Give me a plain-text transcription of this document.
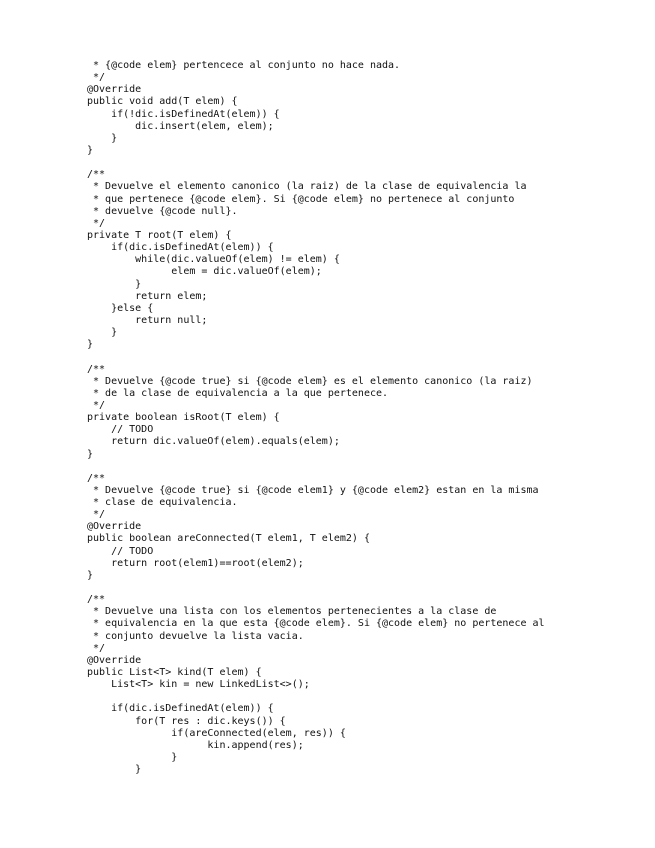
* {@code elem} pertencece al conjunto no hace nada.
*/
@Override
public void add(T elem) {
if(!dic.isDefinedAt(elem)) {
dic.insert(elem, elem);
}
}
/**
* Devuelve el elemento canonico (la raiz) de la clase de equivalencia la
* que pertenece {@code elem}. Si {@code elem} no pertenece al conjunto
* devuelve {@code null}.
*/
private T root(T elem) {
if(dic.isDefinedAt(elem)) {
while(dic.valueOf(elem) != elem) {
elem = dic.valueOf(elem);
}
return elem;
}else {
return null;
}
}
/**
* Devuelve {@code true} si {@code elem} es el elemento canonico (la raiz)
* de la clase de equivalencia a la que pertenece.
*/
private boolean isRoot(T elem) {
// TODO
return dic.valueOf(elem).equals(elem);
}
/**
* Devuelve {@code true} si {@code elem1} y {@code elem2} estan en la misma
* clase de equivalencia.
*/
@Override
public boolean areConnected(T elem1, T elem2) {
// TODO
return root(elem1)==root(elem2);
}
/**
* Devuelve una lista con los elementos pertenecientes a la clase de
* equivalencia en la que esta {@code elem}. Si {@code elem} no pertenece al
* conjunto devuelve la lista vacia.
*/
@Override
public List<T> kind(T elem) {
List<T> kin = new LinkedList<>();
if(dic.isDefinedAt(elem)) {
for(T res : dic.keys()) {
if(areConnected(elem, res)) {
kin.append(res);
}
}
